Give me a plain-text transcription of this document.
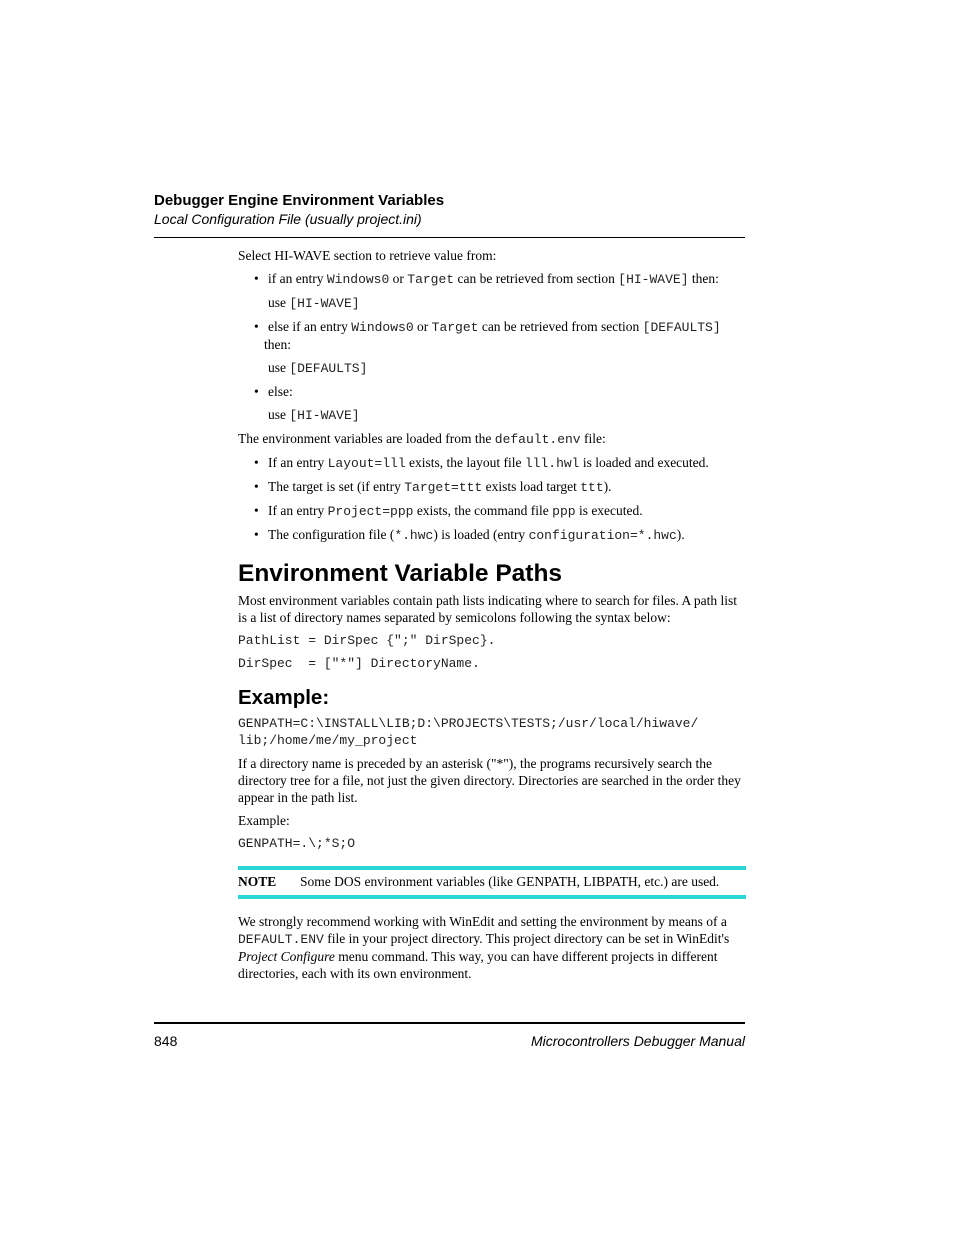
Debugger Engine Environment Variables
Local Configuration File (usually project.ini)

Select HI-WAVE section to retrieve value from:

• if an entry Windows0 or Target can be retrieved from section [HI-WAVE] then:
use [HI-WAVE]
• else if an entry Windows0 or Target can be retrieved from section [DEFAULTS]
then:
use [DEFAULTS]
• else:
use [HI-WAVE]

The environment variables are loaded from the default.env file:

• If an entry Layout=lll exists, the layout file lll.hwl is loaded and executed.
• The target is set (if entry Target=ttt exists load target ttt).
• If an entry Project=ppp exists, the command file ppp is executed.
• The configuration file (*.hwc) is loaded (entry configuration=*.hwc).
Environment Variable Paths

Most environment variables contain path lists indicating where to search for files. A path list is a list of directory names separated by semicolons following the syntax below:

PathList = DirSpec {";" DirSpec}.
DirSpec  = ["*"] DirectoryName.
Example:
GENPATH=C:\INSTALL\LIB;D:\PROJECTS\TESTS;/usr/local/hiwave/
lib;/home/me/my_project

If a directory name is preceded by an asterisk ("*"), the programs recursively search the directory tree for a file, not just the given directory. Directories are searched in the order they appear in the path list.

Example:

GENPATH=.\;*S;O
NOTE	Some DOS environment variables (like GENPATH, LIBPATH, etc.) are used.

We strongly recommend working with WinEdit and setting the environment by means of a DEFAULT.ENV file in your project directory. This project directory can be set in WinEdit's Project Configure menu command. This way, you can have different projects in different directories, each with its own environment.

848	Microcontrollers Debugger Manual
